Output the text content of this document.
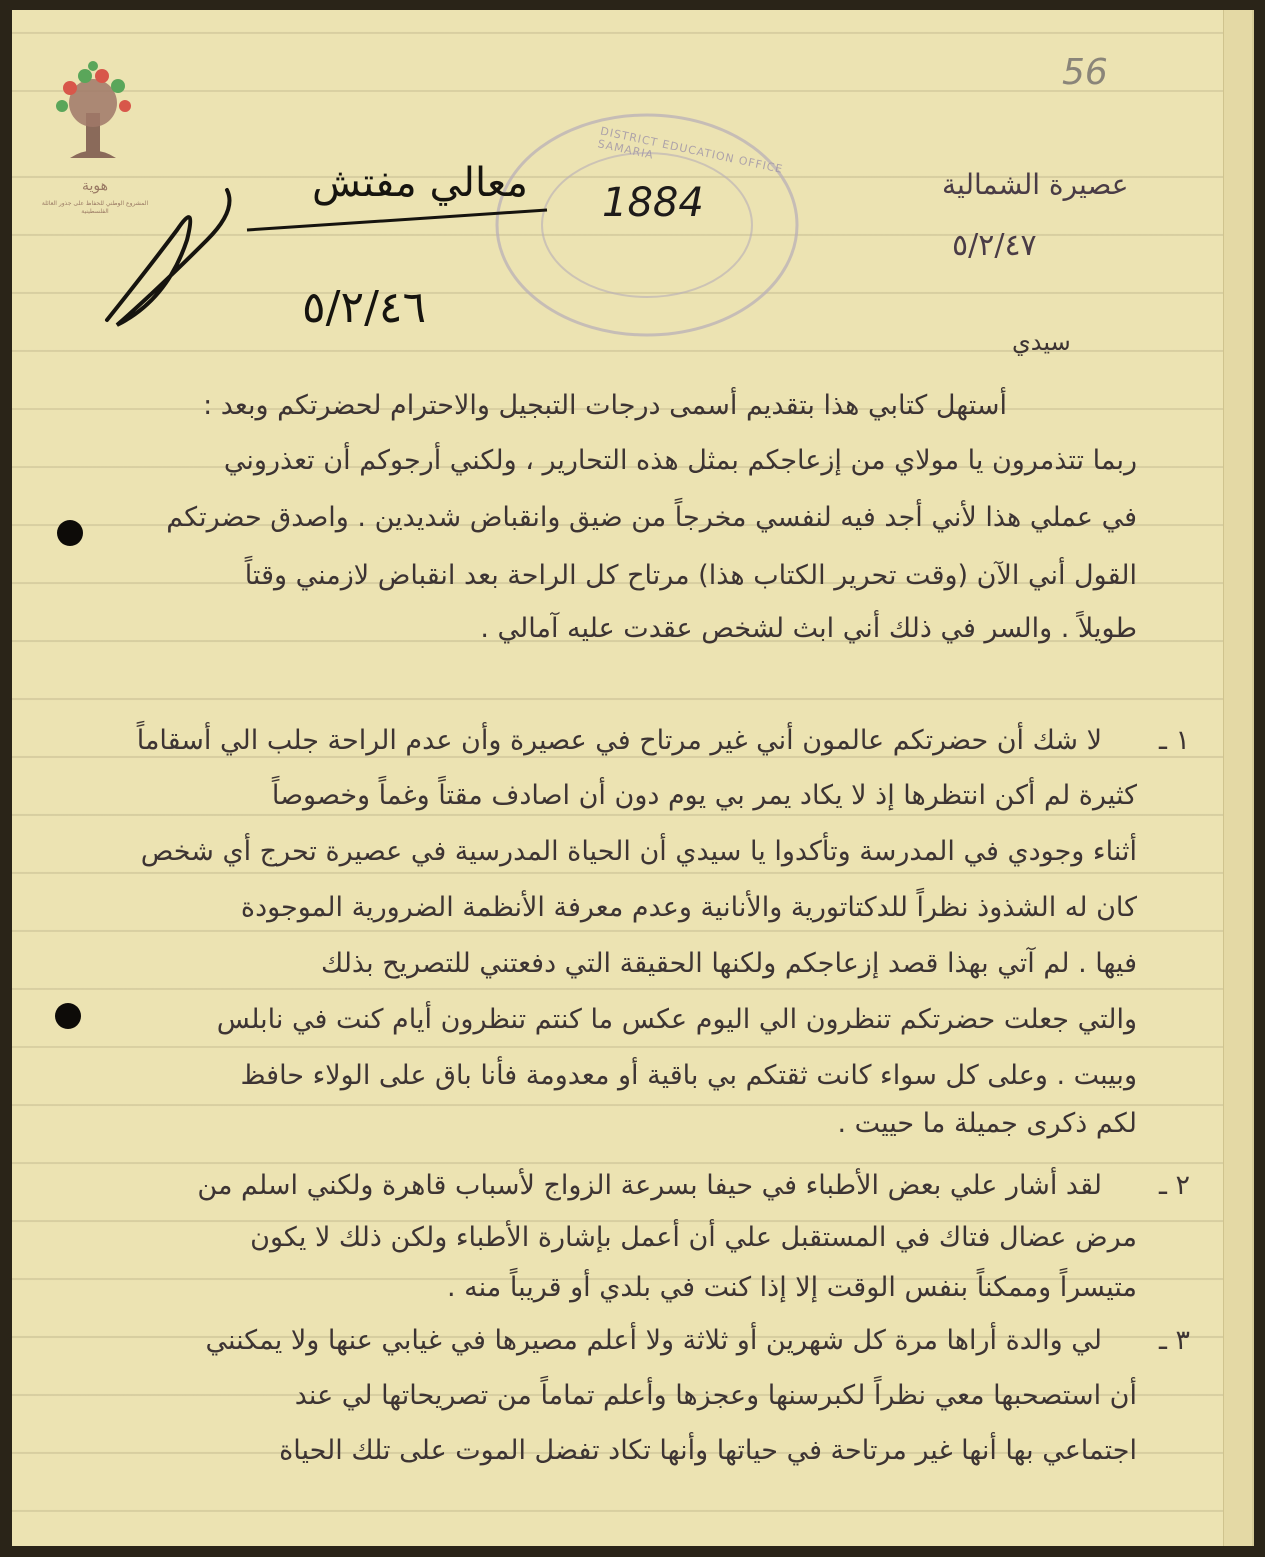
هوية
المشروع الوطني للحفاظ على جذور العائلة الفلسطينية
DISTRICT EDUCATION OFFICE SAMARIA
56
معالي مفتش
٥/٢/٤٦
1884	عصيرة الشمالية
٥/٢/٤٧
سيدي
أستهل كتابي هذا بتقديم أسمى درجات التبجيل والاحترام لحضرتكم وبعد :
ربما تتذمرون يا مولاي من إزعاجكم بمثل هذه التحارير ، ولكني أرجوكم أن تعذروني
في عملي هذا لأني أجد فيه لنفسي مخرجاً من ضيق وانقباض شديدين . واصدق حضرتكم
القول أني الآن (وقت تحرير الكتاب هذا) مرتاح كل الراحة بعد انقباض لازمني وقتاً
طويلاً . والسر في ذلك أني ابث لشخص عقدت عليه آمالي .
١ ـ
لا شك أن حضرتكم عالمون أني غير مرتاح في عصيرة وأن عدم الراحة جلب الي أسقاماً
كثيرة لم أكن انتظرها إذ لا يكاد يمر بي يوم دون أن اصادف مقتاً وغماً وخصوصاً
أثناء وجودي في المدرسة وتأكدوا يا سيدي أن الحياة المدرسية في عصيرة تحرج أي شخص
كان له الشذوذ نظراً للدكتاتورية والأنانية وعدم معرفة الأنظمة الضرورية الموجودة
فيها . لم آتي بهذا قصد إزعاجكم ولكنها الحقيقة التي دفعتني للتصريح بذلك
والتي جعلت حضرتكم تنظرون الي اليوم عكس ما كنتم تنظرون أيام كنت في نابلس
وبيبت . وعلى كل سواء كانت ثقتكم بي باقية أو معدومة فأنا باق على الولاء حافظ
لكم ذكرى جميلة ما حييت .
٢ ـ
لقد أشار علي بعض الأطباء في حيفا بسرعة الزواج لأسباب قاهرة ولكني اسلم من
مرض عضال فتاك في المستقبل علي أن أعمل بإشارة الأطباء ولكن ذلك لا يكون
متيسراً وممكناً بنفس الوقت إلا إذا كنت في بلدي أو قريباً منه .
٣ ـ
لي والدة أراها مرة كل شهرين أو ثلاثة ولا أعلم مصيرها في غيابي عنها ولا يمكنني
أن استصحبها معي نظراً لكبرسنها وعجزها وأعلم تماماً من تصريحاتها لي عند
اجتماعي بها أنها غير مرتاحة في حياتها وأنها تكاد تفضل الموت على تلك الحياة
